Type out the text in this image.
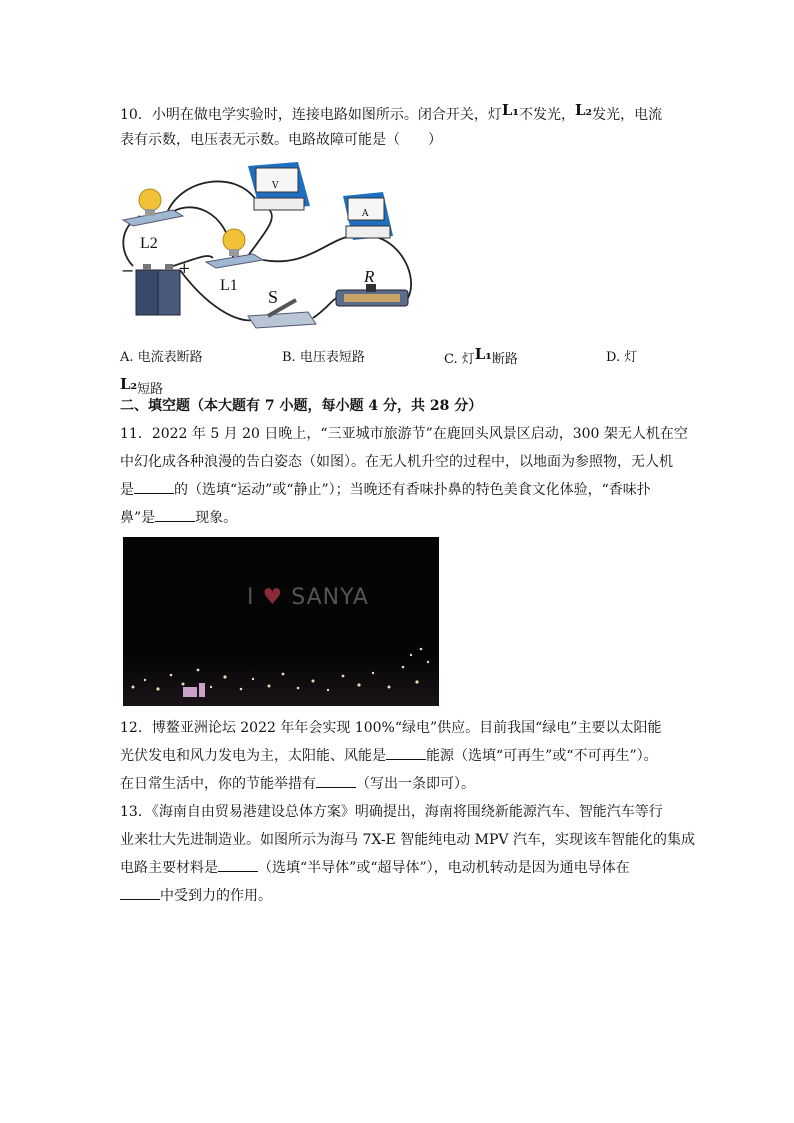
10．小明在做电学实验时，连接电路如图所示。闭合开关，灯L₁不发光，L₂发光，电流
表有示数，电压表无示数。电路故障可能是（　　）
L2
L1
−	+
V
A
S
R
A. 电流表断路	B. 电压表短路	C. 灯L₁断路	D. 灯
L₂短路
二、填空题（本大题有 7 小题，每小题 4 分，共 28 分）
11．2022 年 5 月 20 日晚上，“三亚城市旅游节”在鹿回头风景区启动，300 架无人机在空
中幻化成各种浪漫的告白姿态（如图）。在无人机升空的过程中，以地面为参照物，无人机
是	的（选填“运动”或“静止”）；当晚还有香味扑鼻的特色美食文化体验，“香味扑
鼻”是	现象。
I ♥ SANYA
12．博鳌亚洲论坛 2022 年年会实现 100%“绿电”供应。目前我国“绿电”主要以太阳能
光伏发电和风力发电为主，太阳能、风能是	能源（选填“可再生”或“不可再生”）。
在日常生活中，你的节能举措有	（写出一条即可）。
13．《海南自由贸易港建设总体方案》明确提出，海南将围绕新能源汽车、智能汽车等行
业来壮大先进制造业。如图所示为海马 7X-E 智能纯电动 MPV 汽车，实现该车智能化的集成
电路主要材料是	（选填“半导体”或“超导体”），电动机转动是因为通电导体在
中受到力的作用。
